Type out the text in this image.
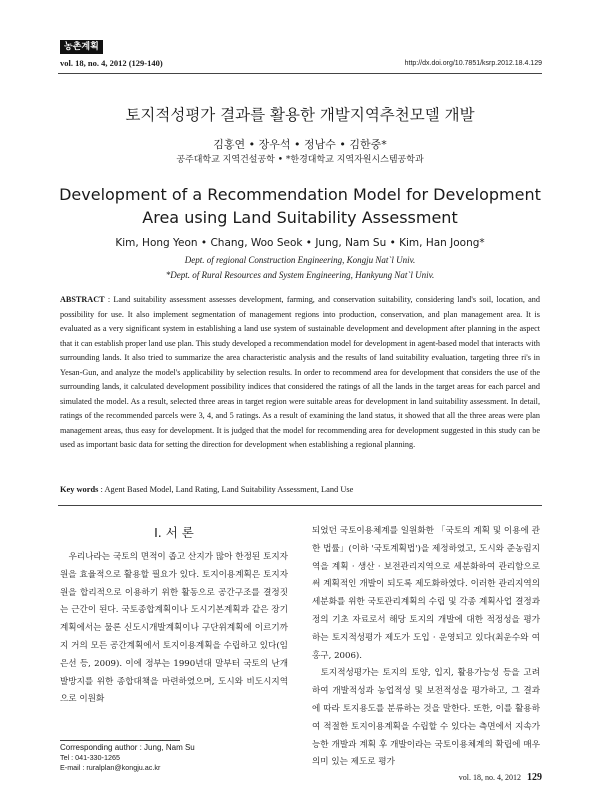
농촌계획
vol. 18, no. 4, 2012 (129-140)	http://dx.doi.org/10.7851/ksrp.2012.18.4.129
토지적성평가 결과를 활용한 개발지역추천모델 개발
김홍연 • 장우석 • 정남수 • 김한중*
공주대학교 지역건설공학 • *한경대학교 지역자원시스템공학과
Development of a Recommendation Model for Development Area using Land Suitability Assessment
Kim, Hong Yeon • Chang, Woo Seok • Jung, Nam Su • Kim, Han Joong*
Dept. of regional Construction Engineering, Kongju Nat`l Univ.
*Dept. of Rural Resources and System Engineering, Hankyung Nat`l Univ.
ABSTRACT : Land suitability assessment assesses development, farming, and conservation suitability, considering land's soil, location, and possibility for use. It also implement segmentation of management regions into production, conservation, and plan management area. It is evaluated as a very significant system in establishing a land use system of sustainable development and development after planning in the aspect that it can establish proper land use plan. This study developed a recommendation model for development in agent-based model that interacts with surrounding lands. It also tried to summarize the area characteristic analysis and the results of land suitability evaluation, targeting three ri's in Yesan-Gun, and analyze the model's applicability by selection results. In order to recommend area for development that considers the use of the surrounding lands, it calculated development possibility indices that considered the ratings of all the lands in the target areas for each parcel and simulated the model. As a result, selected three areas in target region were suitable areas for development in land suitability assessment. In detail, ratings of the recommended parcels were 3, 4, and 5 ratings. As a result of examining the land status, it showed that all the three areas were plan management areas, thus easy for development. It is judged that the model for recommending area for development suggested in this study can be used as important basic data for setting the direction for development when establishing a regional planning.
Key words : Agent Based Model, Land Rating, Land Suitability Assessment, Land Use
I. 서 론

우리나라는 국토의 면적이 좁고 산지가 많아 한정된 토지자원을 효율적으로 활용할 필요가 있다. 토지이용계획은 토지자원을 합리적으로 이용하기 위한 활동으로 공간구조를 결정짓는 근간이 된다. 국토종합계획이나 도시기본계획과 같은 장기계획에서는 물론 신도시개발계획이나 구단위계획에 이르기까지 거의 모든 공간계획에서 토지이용계획을 수립하고 있다(임은선 등, 2009). 이에 정부는 1990년대 말부터 국토의 난개발방지를 위한 종합대책을 마련하였으며, 도시와 비도시지역으로 이원화

되었던 국토이용체계를 일원화한 「국토의 계획 및 이용에 관한 법률」(이하 '국토계획법')을 제정하였고, 도시와 준농림지역을 계획 · 생산 · 보전관리지역으로 세분화하여 관리함으로써 계획적인 개발이 되도록 제도화하였다. 이러한 관리지역의 세분화를 위한 국토관리계획의 수립 및 각종 계획사업 결정과정의 기초 자료로서 해당 토지의 개발에 대한 적정성을 평가하는 토지적성평가 제도가 도입 · 운영되고 있다(최운수와 여홍구, 2006).

토지적성평가는 토지의 토양, 입지, 활용가능성 등을 고려하여 개발적성과 농업적성 및 보전적성을 평가하고, 그 결과에 따라 토지용도를 분류하는 것을 말한다. 또한, 이를 활용하여 적절한 토지이용계획을 수립할 수 있다는 측면에서 지속가능한 개발과 계획 후 개발이라는 국토이용체계의 확립에 매우 의미 있는 제도로 평가

Corresponding author : Jung, Nam Su
Tel : 041-330-1265
E-mail : ruralplan@kongju.ac.kr
vol. 18, no. 4, 2012 129
